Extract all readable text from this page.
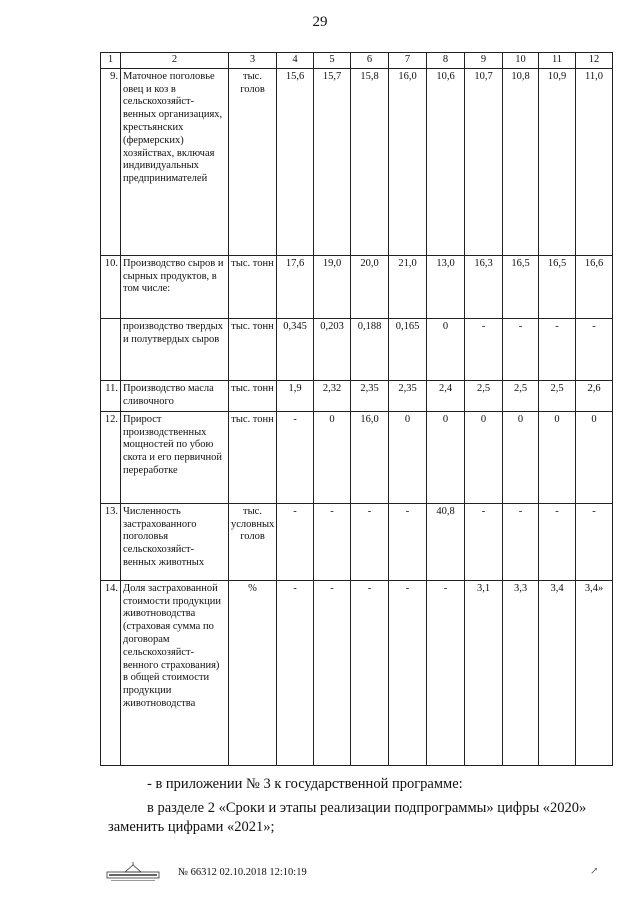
29
1	2	3	4	5	6	7	8	9	10	11	12
9.	Маточное поголовье овец и коз в сельскохозяйст-венных организациях, крестьянских (фермерских) хозяйствах, включая индивидуальных предпринимателей	тыс. голов	15,6	15,7	15,8	16,0	10,6	10,7	10,8	10,9	11,0
10.	Производство сыров и сырных продуктов, в том числе:	тыс. тонн	17,6	19,0	20,0	21,0	13,0	16,3	16,5	16,5	16,6
	производство твердых и полутвердых сыров	тыс. тонн	0,345	0,203	0,188	0,165	0	-	-	-	-
11.	Производство масла сливочного	тыс. тонн	1,9	2,32	2,35	2,35	2,4	2,5	2,5	2,5	2,6
12.	Прирост производственных мощностей по убою скота и его первичной переработке	тыс. тонн	-	0	16,0	0	0	0	0	0	0
13.	Численность застрахованного поголовья сельскохозяйст-венных животных	тыс. условных голов	-	-	-	-	40,8	-	-	-	-
14.	Доля застрахованной стоимости продукции животноводства (страховая сумма по договорам сельскохозяйст-венного страхования) в общей стоимости продукции животноводства	%	-	-	-	-	-	3,1	3,3	3,4	3,4»
- в приложении № 3 к государственной программе:
в разделе 2 «Сроки и этапы реализации подпрограммы» цифры «2020»
заменить цифрами «2021»;
№ 66312 02.10.2018 12:10:19	↗
